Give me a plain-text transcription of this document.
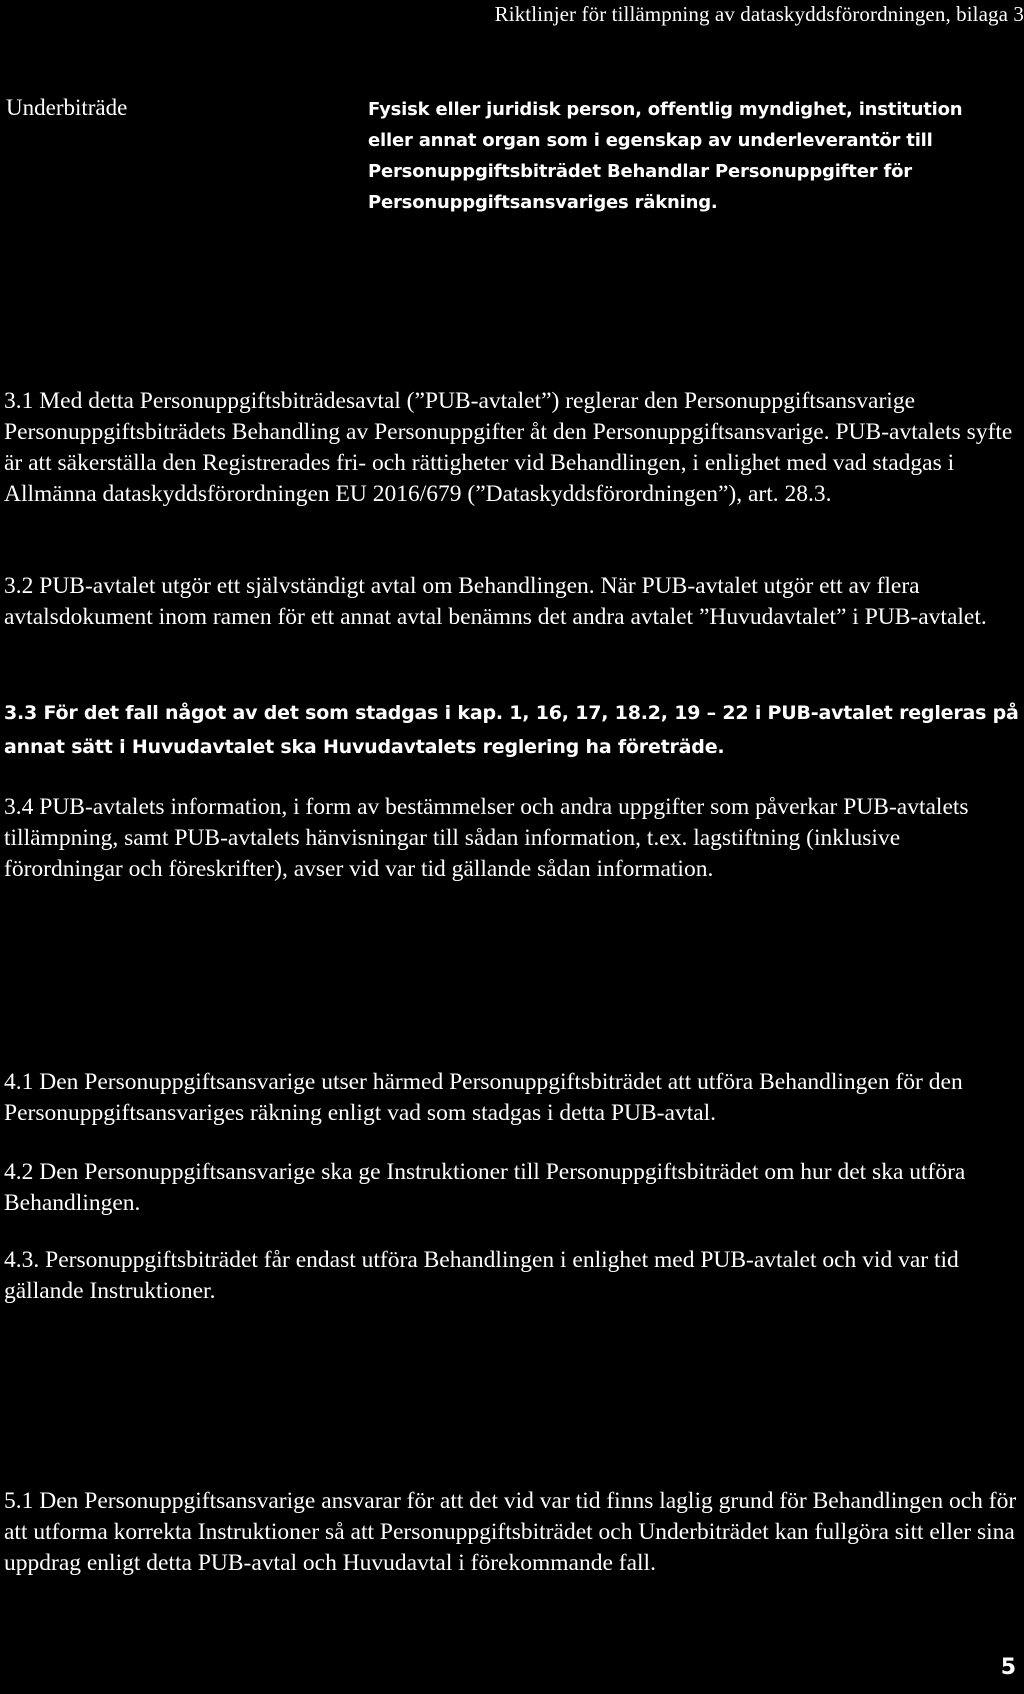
Riktlinjer för tillämpning av dataskyddsförordningen, bilaga 3
Underbiträde	Fysisk eller juridisk person, offentlig myndighet, institution eller annat organ som i egenskap av underleverantör till Personuppgiftsbiträdet Behandlar Personuppgifter för Personuppgiftsansvariges räkning.
3.1 Med detta Personuppgiftsbiträdesavtal (”PUB-avtalet”) reglerar den Personuppgiftsansvarige Personuppgiftsbiträdets Behandling av Personuppgifter åt den Personuppgiftsansvarige. PUB-avtalets syfte är att säkerställa den Registrerades fri- och rättigheter vid Behandlingen, i enlighet med vad stadgas i Allmänna dataskyddsförordningen EU 2016/679 (”Dataskyddsförordningen”), art. 28.3.
3.2 PUB-avtalet utgör ett självständigt avtal om Behandlingen. När PUB-avtalet utgör ett av flera avtalsdokument inom ramen för ett annat avtal benämns det andra avtalet ”Huvudavtalet” i PUB-avtalet.
3.3 För det fall något av det som stadgas i kap. 1, 16, 17, 18.2, 19 – 22 i PUB-avtalet regleras på annat sätt i Huvudavtalet ska Huvudavtalets reglering ha företräde.
3.4 PUB-avtalets information, i form av bestämmelser och andra uppgifter som påverkar PUB-avtalets tillämpning, samt PUB-avtalets hänvisningar till sådan information, t.ex. lagstiftning (inklusive förordningar och föreskrifter), avser vid var tid gällande sådan information.
4.1 Den Personuppgiftsansvarige utser härmed Personuppgiftsbiträdet att utföra Behandlingen för den Personuppgiftsansvariges räkning enligt vad som stadgas i detta PUB-avtal.
4.2 Den Personuppgiftsansvarige ska ge Instruktioner till Personuppgiftsbiträdet om hur det ska utföra Behandlingen.
4.3. Personuppgiftsbiträdet får endast utföra Behandlingen i enlighet med PUB-avtalet och vid var tid gällande Instruktioner.
5.1 Den Personuppgiftsansvarige ansvarar för att det vid var tid finns laglig grund för Behandlingen och för att utforma korrekta Instruktioner så att Personuppgiftsbiträdet och Underbiträdet kan fullgöra sitt eller sina uppdrag enligt detta PUB-avtal och Huvudavtal i förekommande fall.
5
